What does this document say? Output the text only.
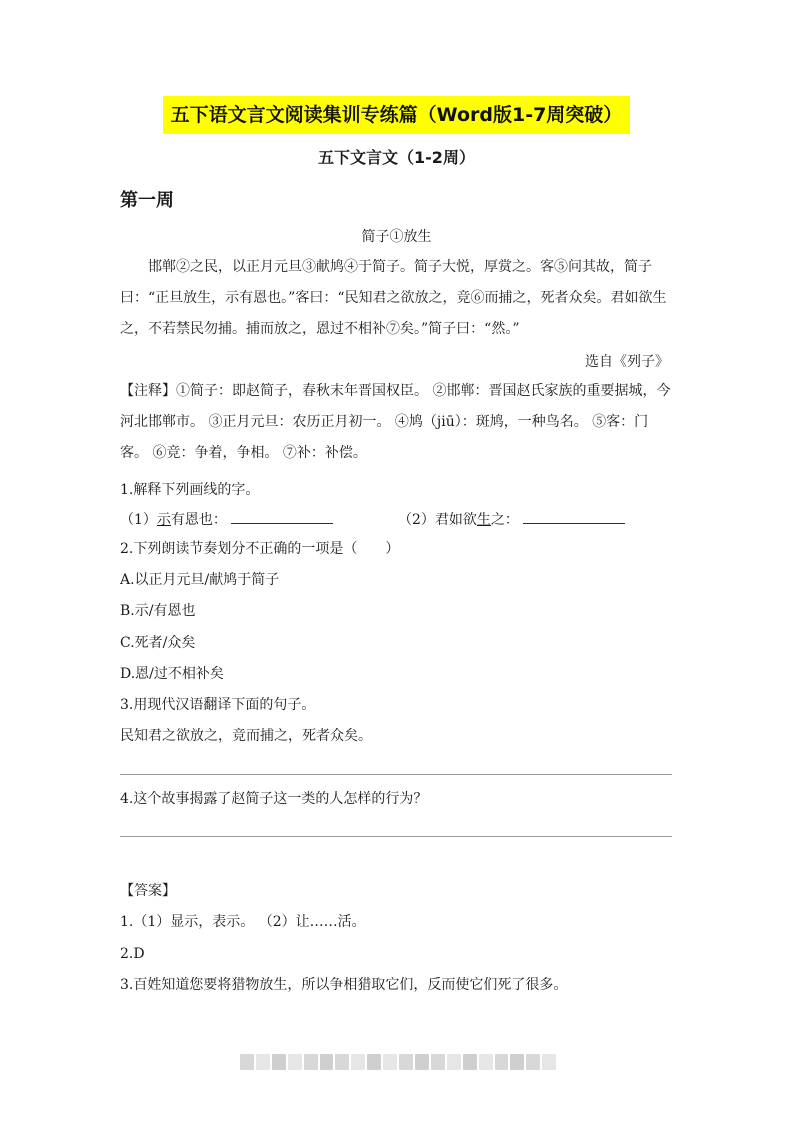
五下语文言文阅读集训专练篇（Word版1-7周突破）
五下文言文（1-2周）
第一周
简子①放生
邯郸②之民，以正月元旦③献鸠④于简子。简子大悦，厚赏之。客⑤问其故，简子曰：“正旦放生，示有恩也。”客曰：“民知君之欲放之，竞⑥而捕之，死者众矣。君如欲生之，不若禁民勿捕。捕而放之，恩过不相补⑦矣。”简子曰：“然。”
选自《列子》
【注释】①简子：即赵简子，春秋末年晋国权臣。 ②邯郸：晋国赵氏家族的重要据城，今河北邯郸市。 ③正月元旦：农历正月初一。 ④鸠（jiū）：斑鸠，一种鸟名。 ⑤客：门客。 ⑥竞：争着，争相。 ⑦补：补偿。
1.解释下列画线的字。
（1）示有恩也：	（2）君如欲生之：
2.下列朗读节奏划分不正确的一项是（　　）
A.以正月元旦/献鸠于简子
B.示/有恩也
C.死者/众矣
D.恩/过不相补矣
3.用现代汉语翻译下面的句子。
民知君之欲放之，竞而捕之，死者众矣。
4.这个故事揭露了赵简子这一类的人怎样的行为？
【答案】
1.（1）显示，表示。 （2）让……活。
2.D
3.百姓知道您要将猎物放生，所以争相猎取它们，反而使它们死了很多。
